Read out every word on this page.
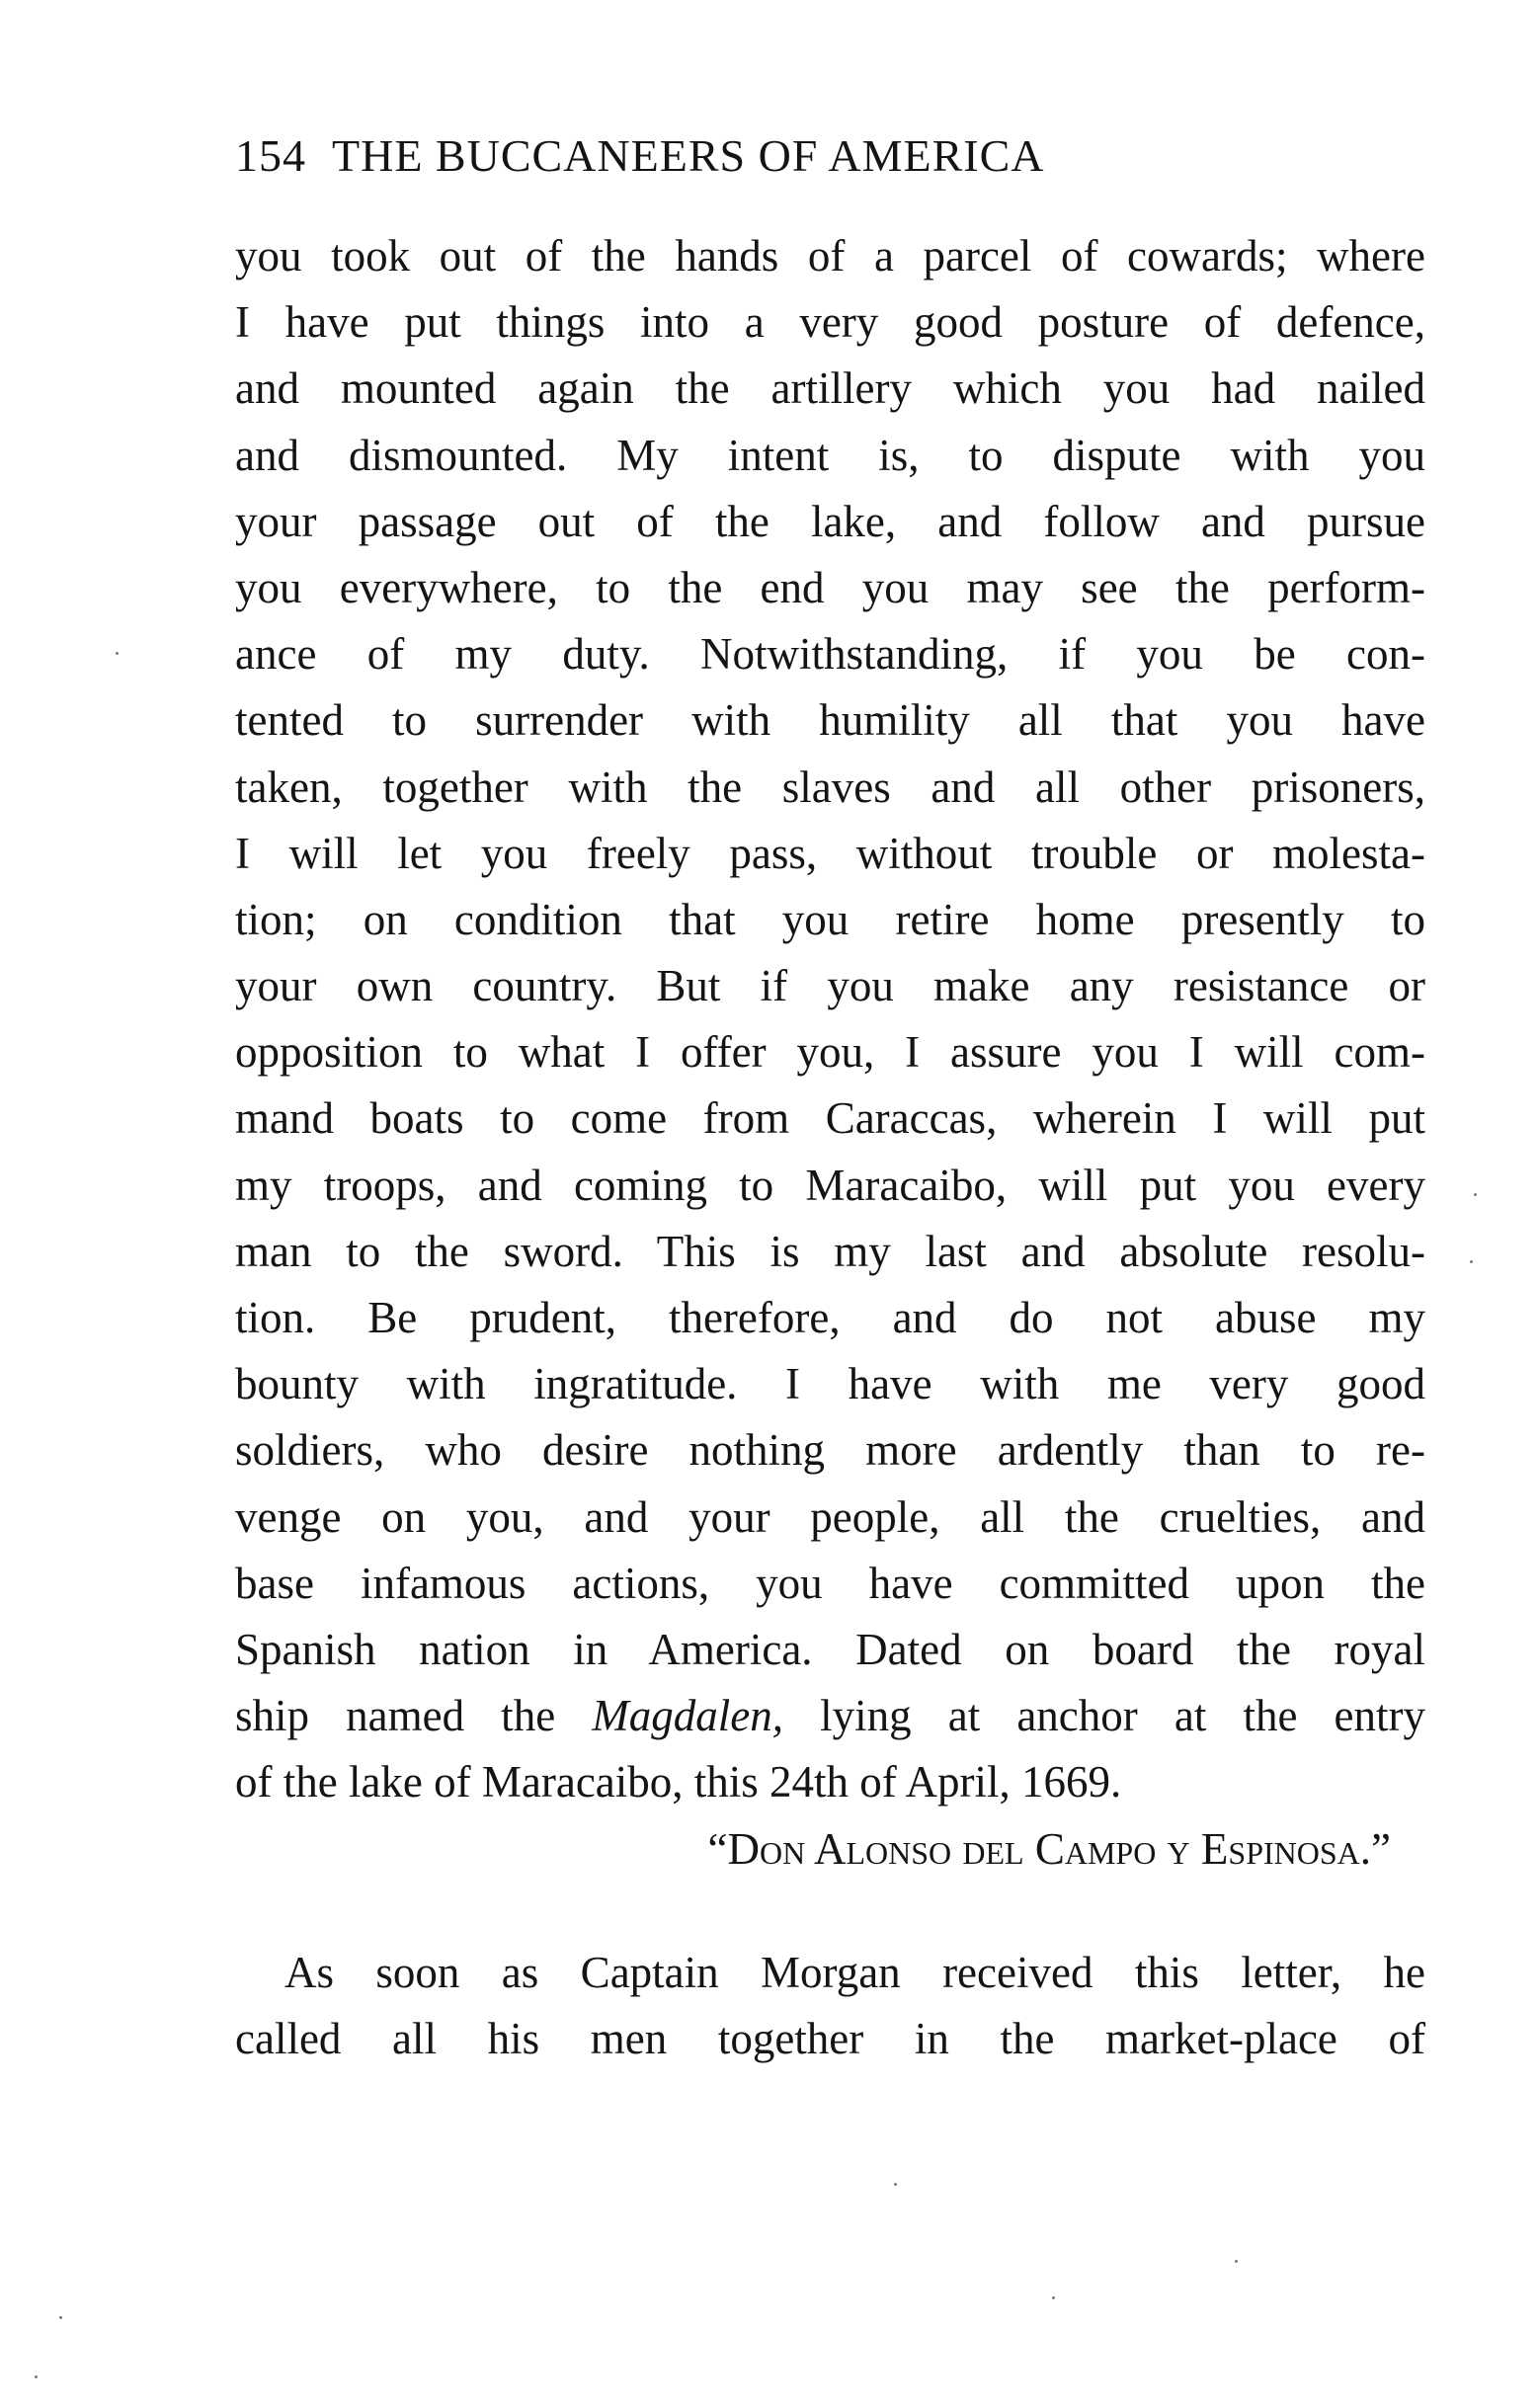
154 THE BUCCANEERS OF AMERICA
you took out of the hands of a parcel of cowards; where
I have put things into a very good posture of defence,
and mounted again the artillery which you had nailed
and dismounted. My intent is, to dispute with you
your passage out of the lake, and follow and pursue
you everywhere, to the end you may see the perform-
ance of my duty. Notwithstanding, if you be con-
tented to surrender with humility all that you have
taken, together with the slaves and all other prisoners,
I will let you freely pass, without trouble or molesta-
tion; on condition that you retire home presently to
your own country. But if you make any resistance or
opposition to what I offer you, I assure you I will com-
mand boats to come from Caraccas, wherein I will put
my troops, and coming to Maracaibo, will put you every
man to the sword. This is my last and absolute resolu-
tion. Be prudent, therefore, and do not abuse my
bounty with ingratitude. I have with me very good
soldiers, who desire nothing more ardently than to re-
venge on you, and your people, all the cruelties, and
base infamous actions, you have committed upon the
Spanish nation in America. Dated on board the royal
ship named the Magdalen, lying at anchor at the entry
of the lake of Maracaibo, this 24th of April, 1669.
“Don Alonso del Campo y Espinosa.”
As soon as Captain Morgan received this letter, he
called all his men together in the market-place of
